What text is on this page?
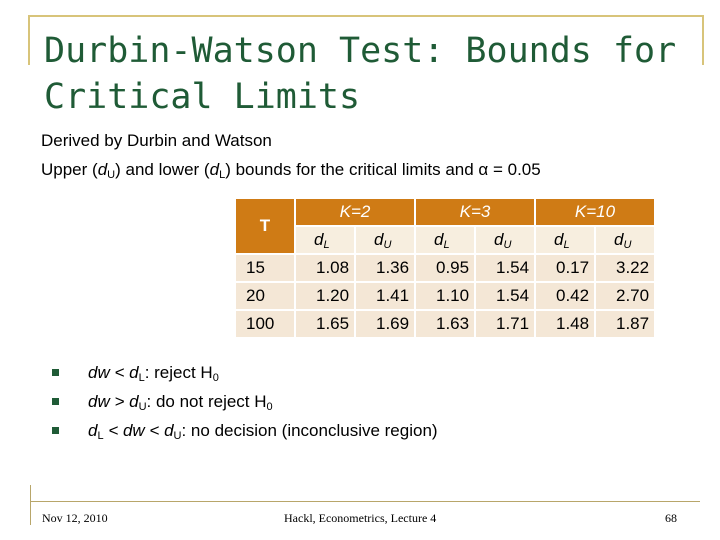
Durbin-Watson Test: Bounds for Critical Limits
Derived by Durbin and Watson
Upper $(d_U)$ and lower $(d_L)$ bounds for the critical limits and α = 0.05
T	K=2		K=3		K=10	
	$d_L$	$d_U$	$d_L$	$d_U$	$d_L$	$d_U$
15	1.08	1.36	0.95	1.54	0.17	3.22
20	1.20	1.41	1.10	1.54	0.42	2.70
100	1.65	1.69	1.63	1.71	1.48	1.87
dw < $d_L$: reject $H_0$
dw > $d_U$: do not reject $H_0$
$d_L$ < dw < $d_U$: no decision (inconclusive region)
Nov 12, 2010	Hackl, Econometrics, Lecture 4	68
